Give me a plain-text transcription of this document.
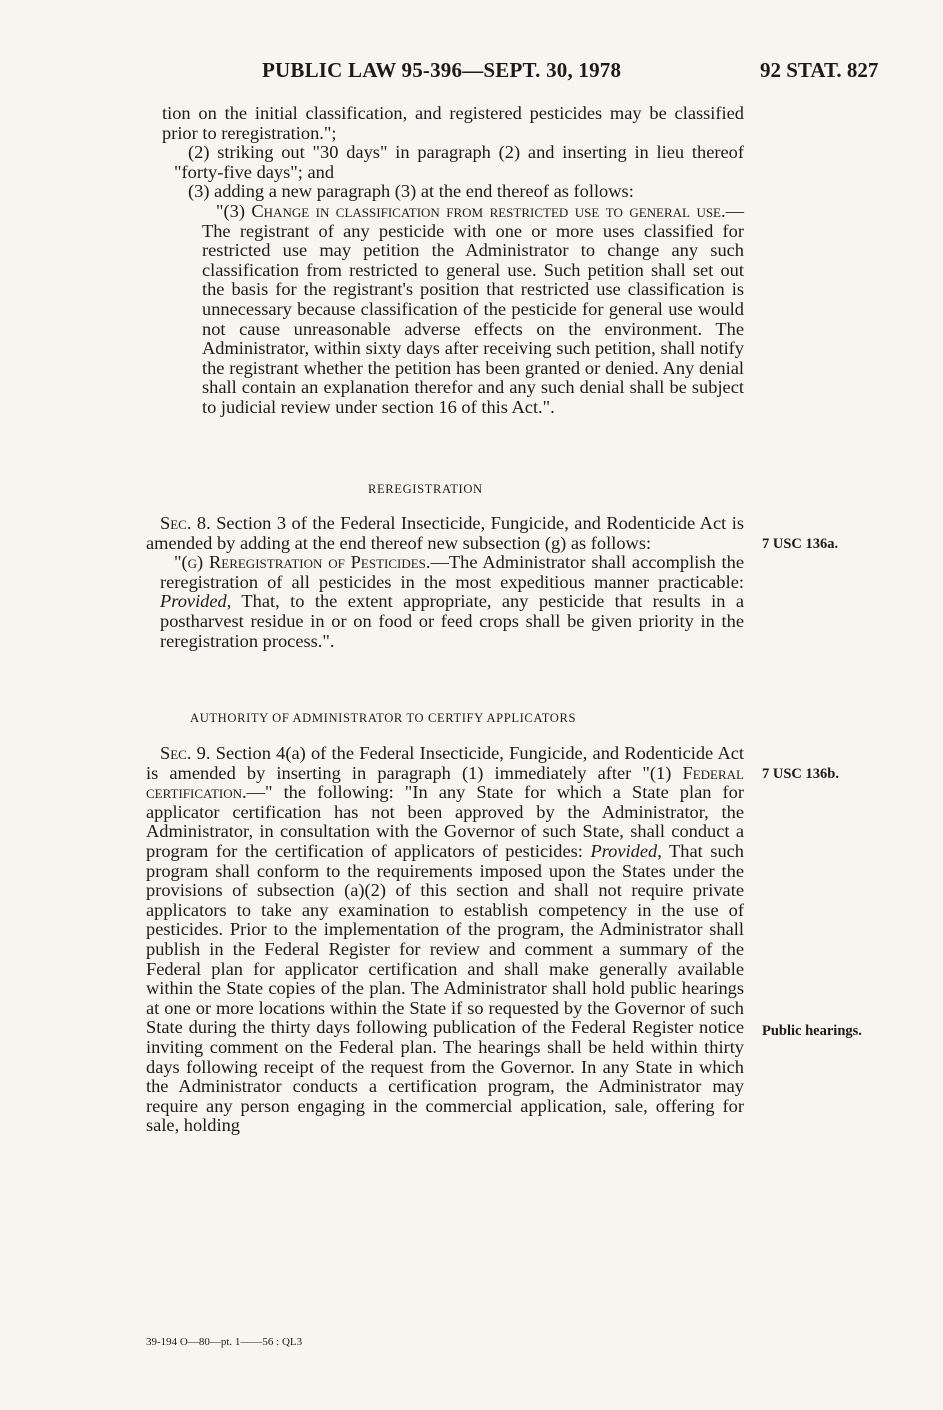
PUBLIC LAW 95-396—SEPT. 30, 1978	92 STAT. 827

tion on the initial classification, and registered pesticides may be classified prior to reregistration.";

(2) striking out "30 days" in paragraph (2) and inserting in lieu thereof "forty-five days"; and

(3) adding a new paragraph (3) at the end thereof as follows:

"(3) Change in classification from restricted use to general use.—The registrant of any pesticide with one or more uses classified for restricted use may petition the Administrator to change any such classification from restricted to general use. Such petition shall set out the basis for the registrant's position that restricted use classification is unnecessary because classification of the pesticide for general use would not cause unreasonable adverse effects on the environment. The Administrator, within sixty days after receiving such petition, shall notify the registrant whether the petition has been granted or denied. Any denial shall contain an explanation therefor and any such denial shall be subject to judicial review under section 16 of this Act.".

REREGISTRATION

Sec. 8. Section 3 of the Federal Insecticide, Fungicide, and Rodenticide Act is amended by adding at the end thereof new subsection (g) as follows:

"(g) Reregistration of Pesticides.—The Administrator shall accomplish the reregistration of all pesticides in the most expeditious manner practicable: Provided, That, to the extent appropriate, any pesticide that results in a postharvest residue in or on food or feed crops shall be given priority in the reregistration process.".

7 USC 136a.
AUTHORITY OF ADMINISTRATOR TO CERTIFY APPLICATORS

Sec. 9. Section 4(a) of the Federal Insecticide, Fungicide, and Rodenticide Act is amended by inserting in paragraph (1) immediately after "(1) Federal certification.—" the following: "In any State for which a State plan for applicator certification has not been approved by the Administrator, the Administrator, in consultation with the Governor of such State, shall conduct a program for the certification of applicators of pesticides: Provided, That such program shall conform to the requirements imposed upon the States under the provisions of subsection (a)(2) of this section and shall not require private applicators to take any examination to establish competency in the use of pesticides. Prior to the implementation of the program, the Administrator shall publish in the Federal Register for review and comment a summary of the Federal plan for applicator certification and shall make generally available within the State copies of the plan. The Administrator shall hold public hearings at one or more locations within the State if so requested by the Governor of such State during the thirty days following publication of the Federal Register notice inviting comment on the Federal plan. The hearings shall be held within thirty days following receipt of the request from the Governor. In any State in which the Administrator conducts a certification program, the Administrator may require any person engaging in the commercial application, sale, offering for sale, holding

7 USC 136b.
Public hearings.
39-194 O—80—pt. 1——56 : QL3
